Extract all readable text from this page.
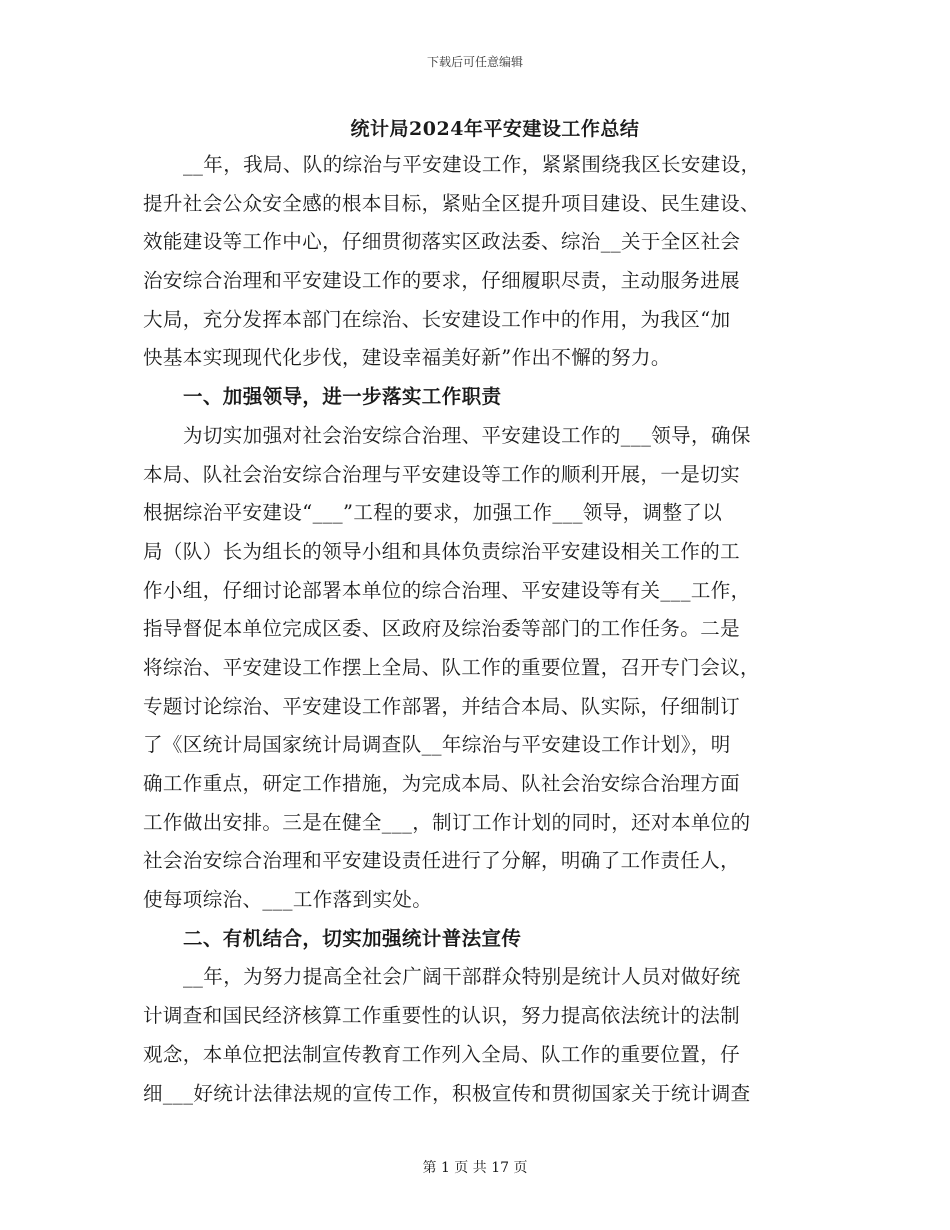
下载后可任意编辑
统计局2024年平安建设工作总结
__年，我局、队的综治与平安建设工作，紧紧围绕我区长安建设，
提升社会公众安全感的根本目标，紧贴全区提升项目建设、民生建设、
效能建设等工作中心，仔细贯彻落实区政法委、综治__关于全区社会
治安综合治理和平安建设工作的要求，仔细履职尽责，主动服务进展
大局，充分发挥本部门在综治、长安建设工作中的作用，为我区“加
快基本实现现代化步伐，建设幸福美好新”作出不懈的努力。
一、加强领导，进一步落实工作职责
为切实加强对社会治安综合治理、平安建设工作的___领导，确保
本局、队社会治安综合治理与平安建设等工作的顺利开展，一是切实
根据综治平安建设“___”工程的要求，加强工作___领导，调整了以
局（队）长为组长的领导小组和具体负责综治平安建设相关工作的工
作小组，仔细讨论部署本单位的综合治理、平安建设等有关___工作，
指导督促本单位完成区委、区政府及综治委等部门的工作任务。二是
将综治、平安建设工作摆上全局、队工作的重要位置，召开专门会议，
专题讨论综治、平安建设工作部署，并结合本局、队实际，仔细制订
了《区统计局国家统计局调查队__年综治与平安建设工作计划》，明
确工作重点，研定工作措施，为完成本局、队社会治安综合治理方面
工作做出安排。三是在健全___，制订工作计划的同时，还对本单位的
社会治安综合治理和平安建设责任进行了分解，明确了工作责任人，
使每项综治、___工作落到实处。
二、有机结合，切实加强统计普法宣传
__年，为努力提高全社会广阔干部群众特别是统计人员对做好统
计调查和国民经济核算工作重要性的认识，努力提高依法统计的法制
观念，本单位把法制宣传教育工作列入全局、队工作的重要位置，仔
细___好统计法律法规的宣传工作，积极宣传和贯彻国家关于统计调查
第 1 页 共 17 页
